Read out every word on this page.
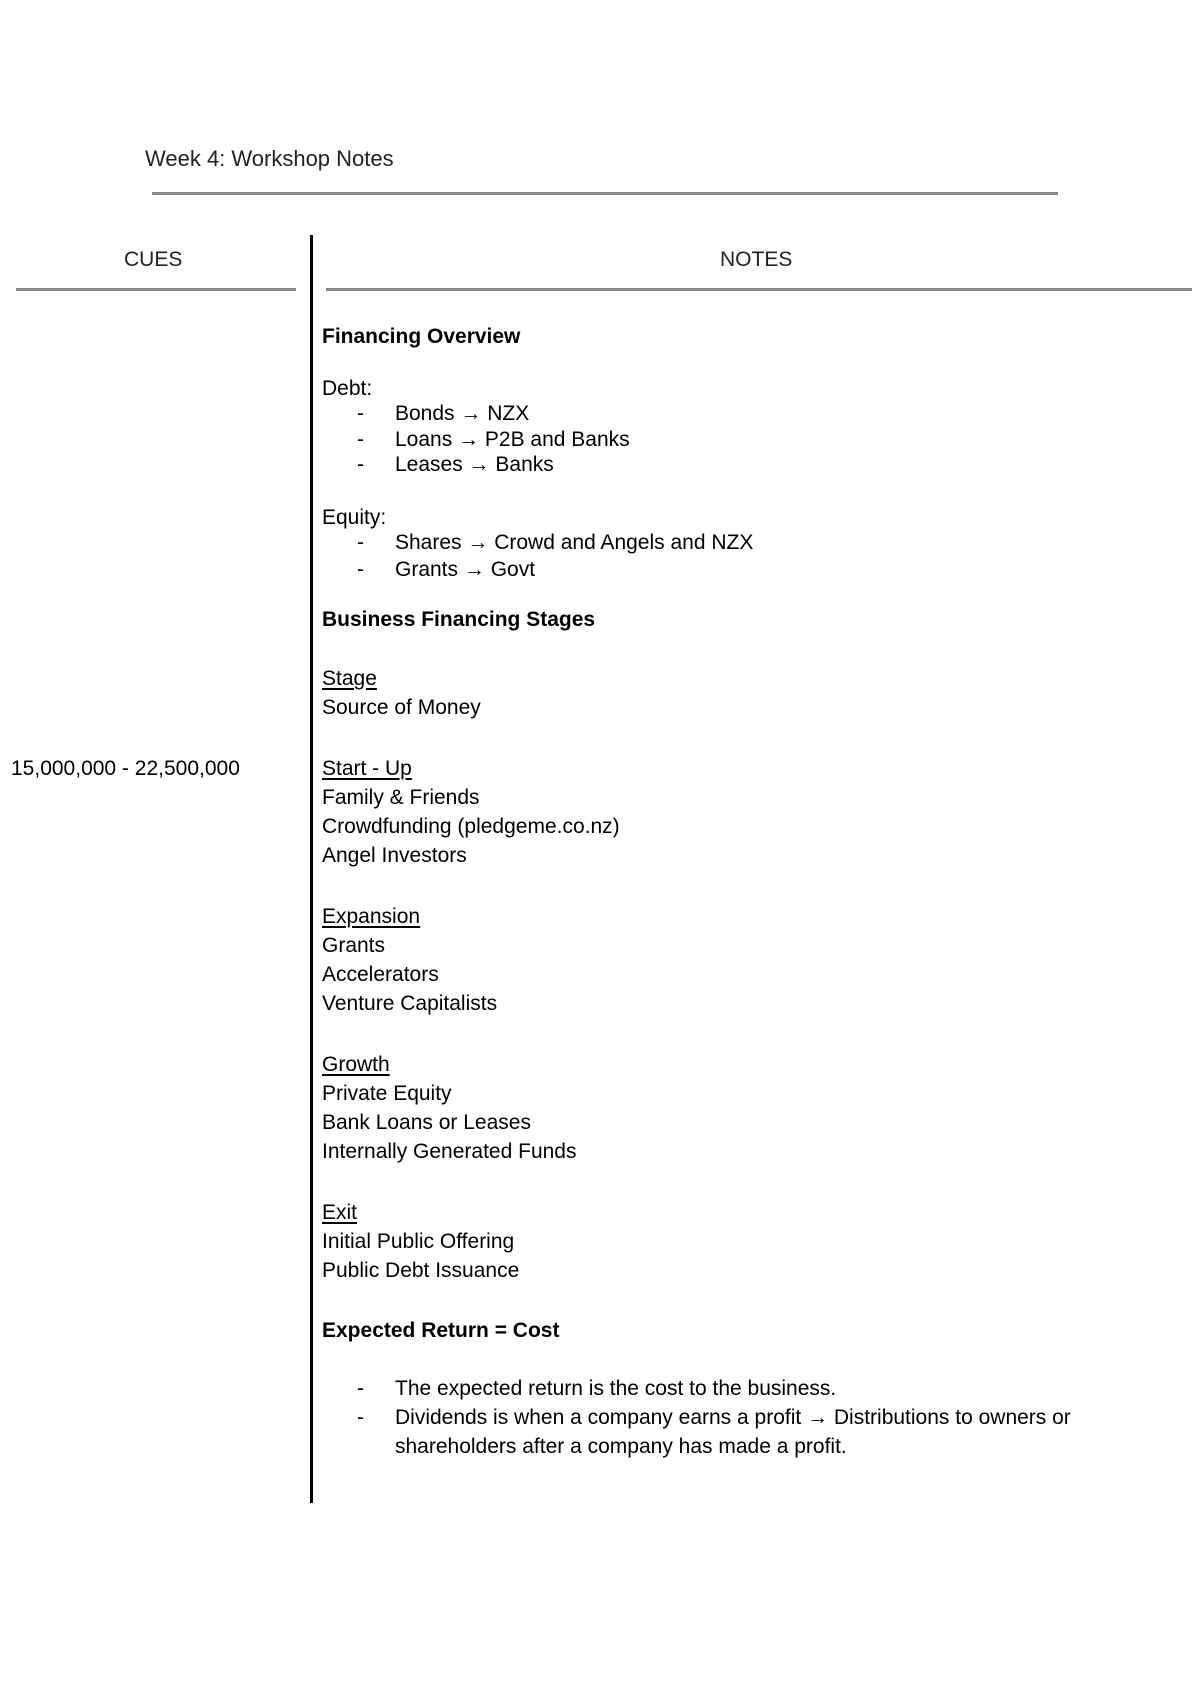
Week 4: Workshop Notes
CUES	NOTES
15,000,000 - 22,500,000
Financing Overview
Debt:
- Bonds → NZX
- Loans → P2B and Banks
- Leases → Banks
Equity:
- Shares → Crowd and Angels and NZX
- Grants → Govt
Business Financing Stages
Stage
Source of Money
Start - Up
Family & Friends
Crowdfunding (pledgeme.co.nz)
Angel Investors
Expansion
Grants
Accelerators
Venture Capitalists
Growth
Private Equity
Bank Loans or Leases
Internally Generated Funds
Exit
Initial Public Offering
Public Debt Issuance
Expected Return = Cost
- The expected return is the cost to the business.
- Dividends is when a company earns a profit → Distributions to owners or
shareholders after a company has made a profit.
